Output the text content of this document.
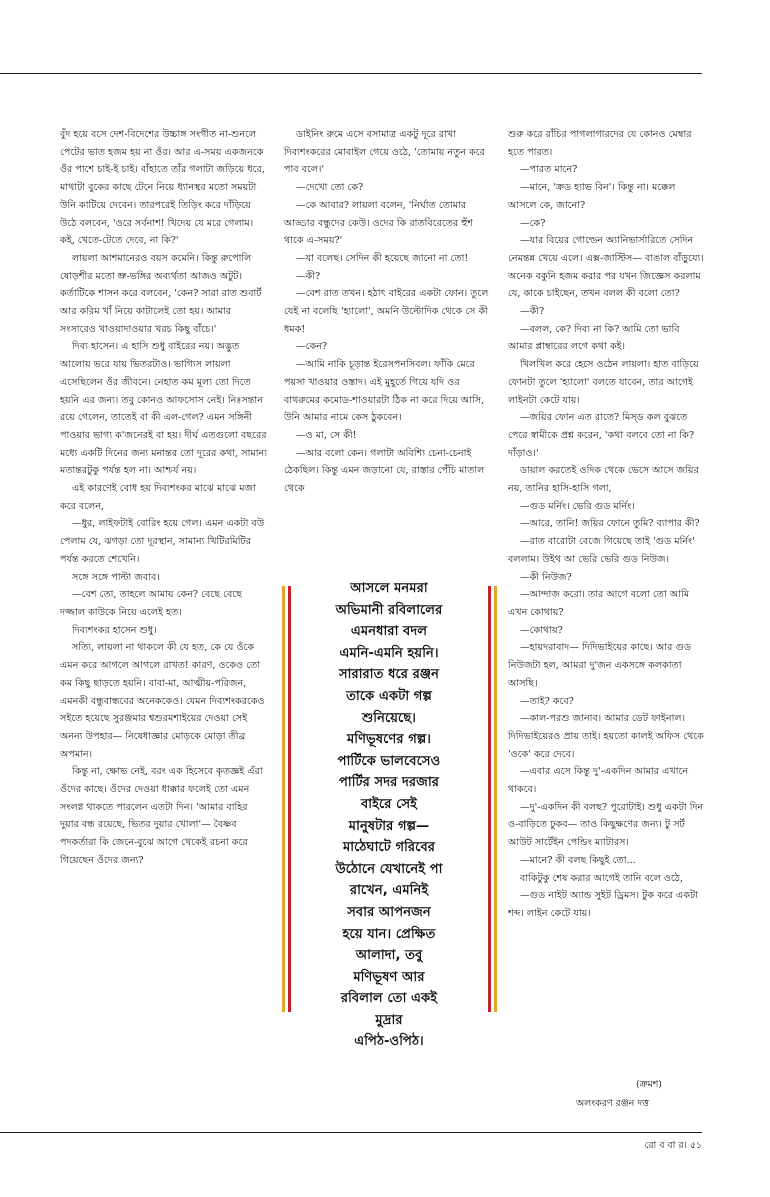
বুঁদ হয়ে বসে দেশ-বিদেশের উচ্চাঙ্গ সংগীত না-শুনলে পেটের ভাত হজম হয় না ওঁর। আর এ-সময় একজনকে ওঁর পাশে চাই-ই চাই। বাঁহাতে তাঁর গলাটা জড়িয়ে ধরে, মাথাটা বুকের কাছে টেনে নিয়ে ধ্যানস্থর মতো সময়টা উনি কাটিয়ে দেবেন। তারপরেই তিড়িং করে দাঁড়িয়ে উঠে বলবেন, 'ওরে সর্বনাশ! খিদেয় যে মরে গেলাম। কই, খেতে-টেতে দেবে, না কি?'

লায়লা আশমানেরও বয়স কমেনি। কিন্তু রুপোলি ষোড়শীর মতো ভ্রু-ভঙ্গির অব্যর্থতা আজও অটুট। কর্তাটিকে শাসন করে বলবেন, 'কেন? সারা রাত শুবার্ট আর করিম খাঁ নিয়ে কাটালেই তো হয়। আমার সংসারেও খাওয়াদাওয়ার খরচ কিছু বাঁচে।'

দিব্য হাসেন। এ হাসি শুধু বাইরের নয়। অদ্ভুত আলোয় ভরে যায় ভিতরটাও। ভাগ্যিস লায়লা এসেছিলেন ওঁর জীবনে। নেহাত কম মূল্য তো দিতে হয়নি এর জন্য। তবু কোনও আফসোস নেই। নিঃসন্তান রয়ে গেলেন, তাতেই বা কী এল-গেল? এমন সঙ্গিনী পাওয়ার ভাগ্য ক'জনেরই বা হয়। দীর্ঘ এতগুলো বছরের মধ্যে একটি দিনের জন্য মনান্তর তো দূরের কথা, সামান্য মতান্তরটুকু পর্যন্ত হল না। আশ্চর্য নয়।

এই কারণেই বোধ হয় দিব্যশংকর মাঝে মাঝে মজা করে বলেন,

—ধুর, লাইফটাই বোরিং হয়ে গেল। এমন একটা বউ পেলাম যে, ঝগড়া তো দূরস্থান, সামান্য খিটিরমিটির পর্যন্ত করতে শেখেনি।

সঙ্গে সঙ্গে পাল্টা জবাব।

—বেশ তো, তাহলে আমায় কেন? বেছে বেছে দজ্জাল কাউকে নিয়ে এলেই হত।

দিব্যশংকর হাসেন শুধু।

সত্যি, লায়লা না থাকলে কী যে হত, কে যে ওঁকে এমন করে আগলে আগলে রাখত! কারণ, ওকেও তো কম কিছু ছাড়তে হয়নি। বাবা-মা, আত্মীয়-পরিজন, এমনকী বন্ধুবান্ধবের অনেককেও। যেমন দিব্যশংকরকেও সইতে হয়েছে সুরঞ্জমার শ্বশুরমশাইয়ের দেওয়া সেই অনন্য উপহার— নিষেধাজ্ঞার মোড়কে মোড়া তীব্র অপমান।

কিন্তু না, ক্ষোভ নেই, বরং এক হিসেবে কৃতজ্ঞই এঁরা ওঁদের কাছে। ওঁদের দেওয়া ধাক্কার ফলেই তো এমন সংলগ্ন থাকতে পারলেন এতটা দিন। 'আমার বাহির দুয়ার বন্ধ রয়েছে, ভিতর দুয়ার খোলা'— বৈষ্ণব পদকর্তারা কি জেনে-বুঝে আগে থেকেই রচনা করে গিয়েছেন ওঁদের জন্য?

ডাইনিং রুমে এসে বসামাত্র একটু দূরে রাখা দিব্যশংকরের মোবাইল গেয়ে ওঠে, 'তোমায় নতুন করে পাব বলে।'

—দেখো তো কে?

—কে আবার? লায়লা বলেন, 'নির্ঘাত তোমার আড্ডার বন্ধুদের কেউ। ওদের কি রাতবিরেতের হুঁশ থাকে এ-সময়?'

—যা বলেছ। সেদিন কী হয়েছে জানো না তো!

—কী?

—বেশ রাত তখন। হঠাৎ বাইরের একটা ফোন। তুলে যেই না বলেছি 'হ্যালো', অমনি উল্টোদিক থেকে সে কী ধমক!

—কেন?

—আমি নাকি চূড়ান্ত ইরেসপনসিবল। ফাঁকি মেরে পয়সা খাওয়ার ওস্তাদ। এই মুহূর্তে গিয়ে যদি ওর বাথরুমের কমোড-শাওয়ারটা ঠিক না করে দিয়ে আসি, উনি আমার নামে কেস ঠুকবেন।

—ও মা, সে কী!

—আর বলো কেন। গলাটা অবিশ্যি চেনা-চেনাই ঠেকছিল। কিন্তু এমন জড়ানো যে, রাস্তার পেঁচি মাতাল থেকে

আসলে মনমরা
অভিমানী রবিলালের
এমনধারা বদল
এমনি-এমনি হয়নি।
সারারাত ধরে রঞ্জন
তাকে একটা গল্প
শুনিয়েছে।
মণিভূষণের গল্প।
পার্টিকে ভালবেসেও
পার্টির সদর দরজার
বাইরে সেই
মানুষটার গল্প—
মাঠেঘাটে গরিবের
উঠোনে যেখানেই পা
রাখেন, এমনিই
সবার আপনজন
হয়ে যান। প্রেক্ষিত
আলাদা, তবু
মণিভূষণ আর
রবিলাল তো একই
মুদ্রার
এপিঠ-ওপিঠ।

শুরু করে রাঁচির পাগলাগারদের যে কোনও মেম্বার হতে পারত।

—পারত মানে?

—মানে, 'ক্রড হ্যাভ বিন'। কিন্তু না। মক্কেল আসলে কে, জানো?

—কে?

—যার বিয়ের গোল্ডেন অ্যানিভার্সারিতে সেদিন নেমন্তন্ন খেয়ে এলে। এক্স-জাস্টিস— বাঙাল বাঁড়ুয্যে। অনেক বকুনি হজম করার পর যখন জিজ্ঞেস করলাম যে, কাকে চাইছেন, তখন বলল কী বলো তো?

—কী?

—বলল, কে? দিব্য না কি? আমি তো ভাবি আমার প্লাম্বারের লগে কথা কই।

খিলখিল করে হেসে ওঠেন লায়লা। হাত বাড়িয়ে ফোনটা তুলে 'হ্যালো' বলতে যাবেন, তার আগেই লাইনটা কেটে যায়।

—জয়ির ফোন এত রাতে? মিস্‌ড কল বুঝতে পেরে স্বামীকে প্রশ্ন করেন, 'কথা বলবে তো না কি? দাঁড়াও।'

ডায়াল করতেই ওদিক থেকে ভেসে আসে জয়ির নয়, তানির হাসি-হাসি গলা,

—গুড মর্নিং। ভেরি গুড মর্নিং।

—আরে, তানি! জয়ির ফোনে তুমি? ব্যাপার কী?

—রাত বারোটা বেজে গিয়েছে তাই 'গুড মর্নিং' বললাম। উইথ আ ভেরি ভেরি গুড নিউজ।

—কী নিউজ?

—আন্দাজ করো। তার আগে বলো তো আমি এখন কোথায়?

—কোথায়?

—হায়দরাবাদ— দিদিভাইয়ের কাছে। আর গুড নিউজটা হল, আমরা দু'জন একসঙ্গে কলকাতা আসছি।

—তাই? কবে?

—কাল-পরশু জানাব। আমার ডেট ফাইনাল। দিদিভাইয়েরও প্রায় তাই। হয়তো কালই অফিস থেকে 'ওকে' করে দেবে।

—এবার এসে কিন্তু দু'-একদিন আমার এখানে থাকবে।

—দু'-একদিন কী বলছ? পুরোটাই। শুধু একটা দিন ও-বাড়িতে ঢুকব— তাও কিছুক্ষণের জন্য। টু সর্ট আউট সার্টেইন পেন্ডিং ম্যাটারস।

—মানে? কী বলছ কিছুই তো...

বাকিটুকু শেষ করার আগেই তানি বলে ওঠে,

—গুড নাইট অ্যান্ড সুইট ড্রিমস। টুক করে একটা শব্দ। লাইন কেটে যায়।

(ক্রমশ)
অলংকরণ রঞ্জন দত্ত
রো ব বা র। ৫১
